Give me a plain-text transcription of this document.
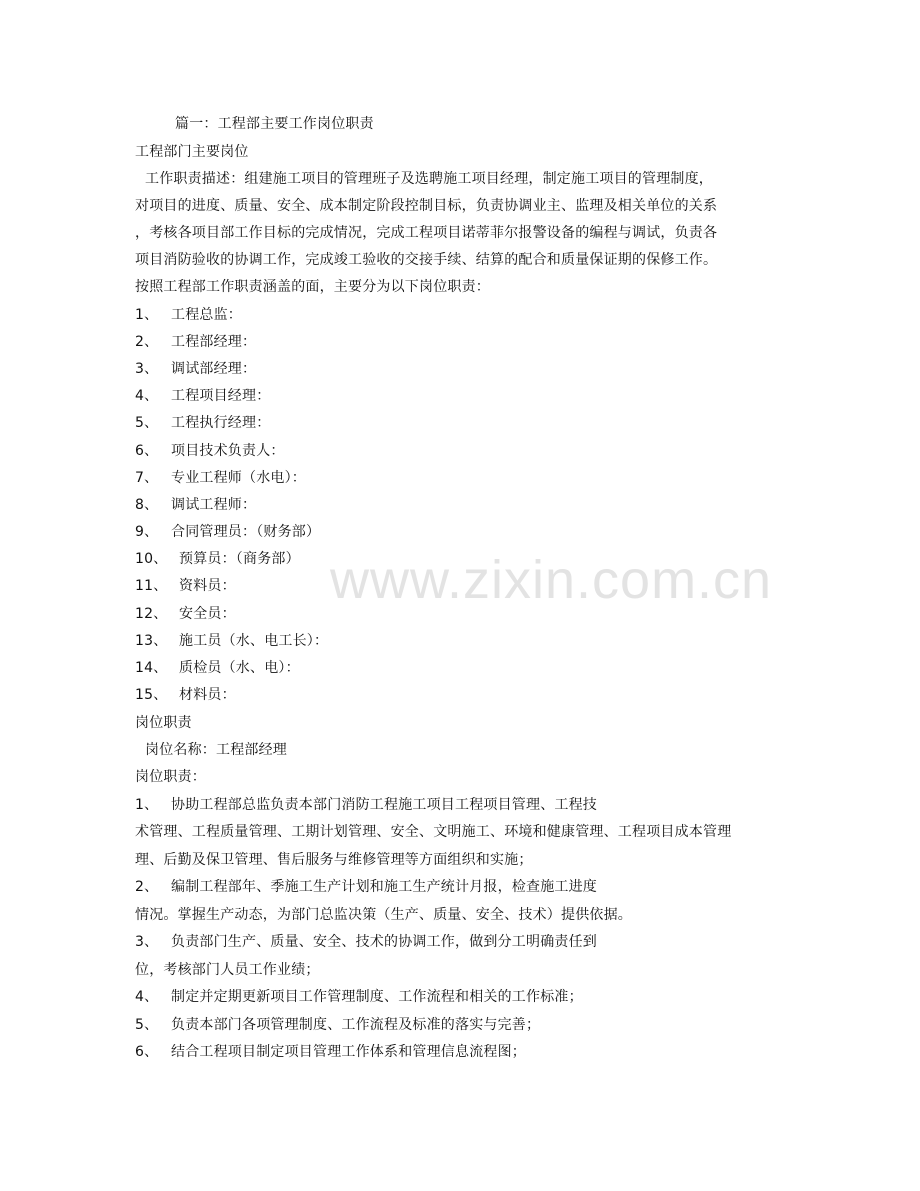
www.zixin.com.cn
篇一：工程部主要工作岗位职责
工程部门主要岗位
工作职责描述：组建施工项目的管理班子及选聘施工项目经理，制定施工项目的管理制度，
对项目的进度、质量、安全、成本制定阶段控制目标，负责协调业主、监理及相关单位的关系
，考核各项目部工作目标的完成情况，完成工程项目诺蒂菲尔报警设备的编程与调试，负责各
项目消防验收的协调工作，完成竣工验收的交接手续、结算的配合和质量保证期的保修工作。
按照工程部工作职责涵盖的面，主要分为以下岗位职责：
1、 工程总监：
2、 工程部经理：
3、 调试部经理：
4、 工程项目经理：
5、 工程执行经理：
6、 项目技术负责人：
7、 专业工程师（水电）：
8、 调试工程师：
9、 合同管理员：（财务部）
10、 预算员：（商务部）
11、 资料员：
12、 安全员：
13、 施工员（水、电工长）：
14、 质检员（水、电）：
15、 材料员：
岗位职责
岗位名称：工程部经理
岗位职责：
1、 协助工程部总监负责本部门消防工程施工项目工程项目管理、工程技
术管理、工程质量管理、工期计划管理、安全、文明施工、环境和健康管理、工程项目成本管理
理、后勤及保卫管理、售后服务与维修管理等方面组织和实施；
2、 编制工程部年、季施工生产计划和施工生产统计月报，检查施工进度
情况。掌握生产动态，为部门总监决策（生产、质量、安全、技术）提供依据。
3、 负责部门生产、质量、安全、技术的协调工作，做到分工明确责任到
位，考核部门人员工作业绩；
4、 制定并定期更新项目工作管理制度、工作流程和相关的工作标准；
5、 负责本部门各项管理制度、工作流程及标准的落实与完善；
6、 结合工程项目制定项目管理工作体系和管理信息流程图；
